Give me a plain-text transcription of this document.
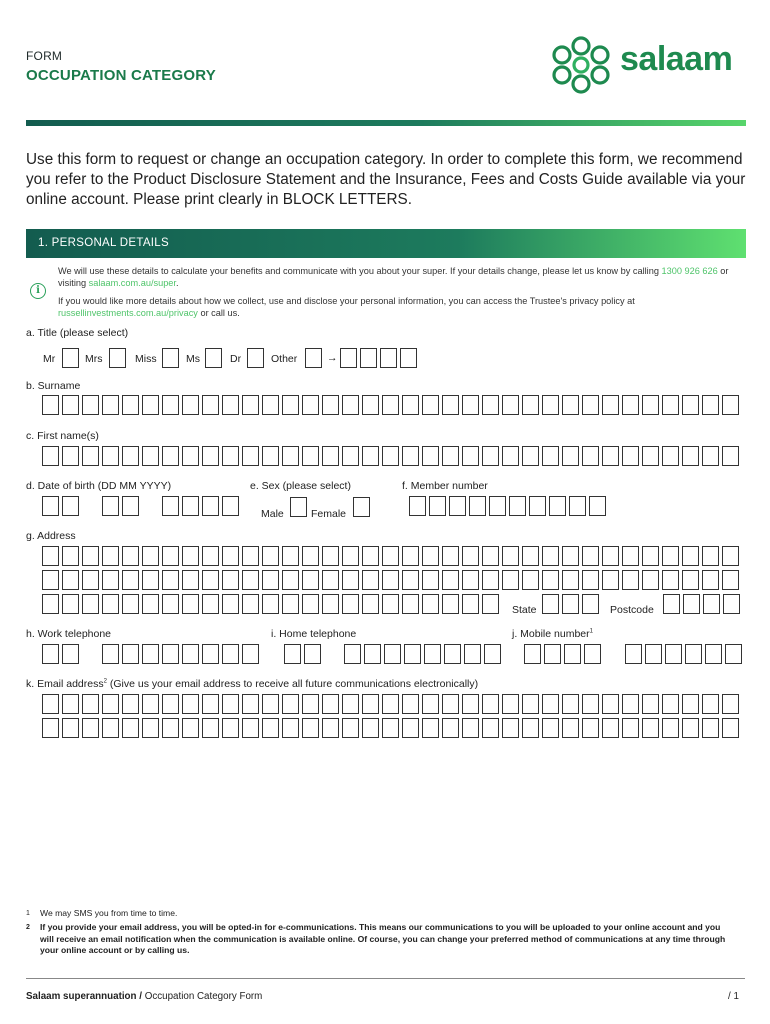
FORM
OCCUPATION CATEGORY	salaam
Use this form to request or change an occupation category. In order to complete this form, we recommend you refer to the Product Disclosure Statement and the Insurance, Fees and Costs Guide available via your online account. Please print clearly in BLOCK LETTERS.
1. PERSONAL DETAILS
i
We will use these details to calculate your benefits and communicate with you about your super. If your details change, please let us know by calling 1300 926 626 or visiting salaam.com.au/super.
If you would like more details about how we collect, use and disclose your personal information, you can access the Trustee's privacy policy at russellinvestments.com.au/privacy or call us.
a. Title (please select)
Mr	Mrs	Miss	Ms	Dr	Other	→
b. Surname
c. First name(s)
d. Date of birth (DD MM YYYY)	e. Sex (please select)
Male	Female
f. Member number
g. Address
State	Postcode
h. Work telephone	i. Home telephone	j. Mobile number$^1$
k. Email address$^2$ (Give us your email address to receive all future communications electronically)
1 We may SMS you from time to time.
2 If you provide your email address, you will be opted-in for e-communications. This means our communications to you will be uploaded to your online account and you will receive an email notification when the communication is available online. Of course, you can change your preferred method of communications at any time through your online account or by calling us.
Salaam superannuation / Occupation Category Form	/ 1
